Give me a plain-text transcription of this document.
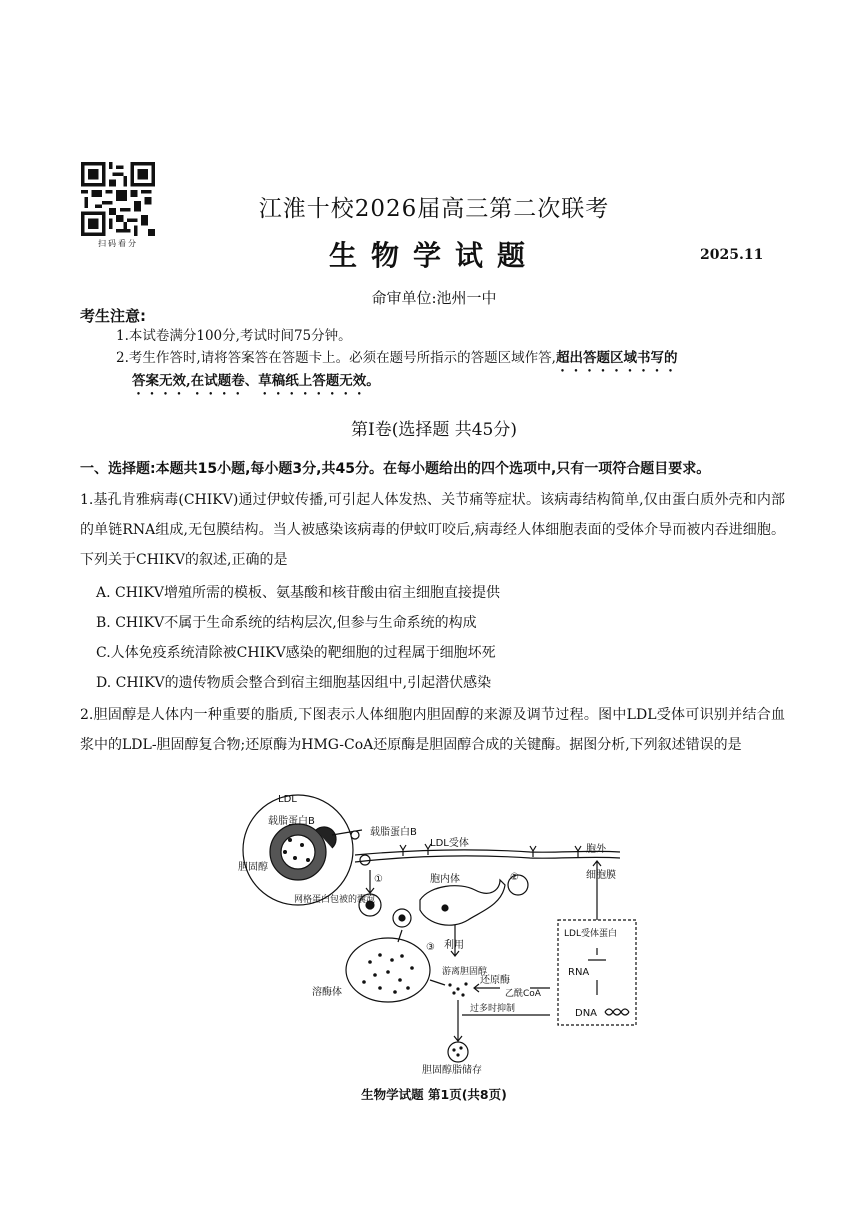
扫码看分
江淮十校2026届高三第二次联考
生物学试题	2025.11
命审单位:池州一中
考生注意:
1.本试卷满分100分,考试时间75分钟。
2.考生作答时,请将答案答在答题卡上。必须在题号所指示的答题区域作答,超出答题区域书写的
答案无效,在试题卷、草稿纸上答题无效。
第Ⅰ卷(选择题 共45分)
一、选择题:本题共15小题,每小题3分,共45分。在每小题给出的四个选项中,只有一项符合题目要求。
1.基孔肯雅病毒(CHIKV)通过伊蚊传播,可引起人体发热、关节痛等症状。该病毒结构简单,仅由蛋白质外壳和内部的单链RNA组成,无包膜结构。当人被感染该病毒的伊蚊叮咬后,病毒经人体细胞表面的受体介导而被内吞进细胞。下列关于CHIKV的叙述,正确的是
A. CHIKV增殖所需的模板、氨基酸和核苷酸由宿主细胞直接提供
B. CHIKV不属于生命系统的结构层次,但参与生命系统的构成
C.人体免疫系统清除被CHIKV感染的靶细胞的过程属于细胞坏死
D. CHIKV的遗传物质会整合到宿主细胞基因组中,引起潜伏感染
2.胆固醇是人体内一种重要的脂质,下图表示人体细胞内胆固醇的来源及调节过程。图中LDL受体可识别并结合血浆中的LDL-胆固醇复合物;还原酶为HMG-CoA还原酶是胆固醇合成的关键酶。据图分析,下列叙述错误的是
LDL
载脂蛋白B
胆固醇
载脂蛋白B
LDL受体
胞外
细胞膜
胞内体
网格蛋白包被的囊泡
溶酶体
利用
游离胆固醇
还原酶
乙酰CoA
LDL受体蛋白
RNA
DNA
过多时抑制
胆固醇脂储存
①	②
③
生物学试题 第1页(共8页)
